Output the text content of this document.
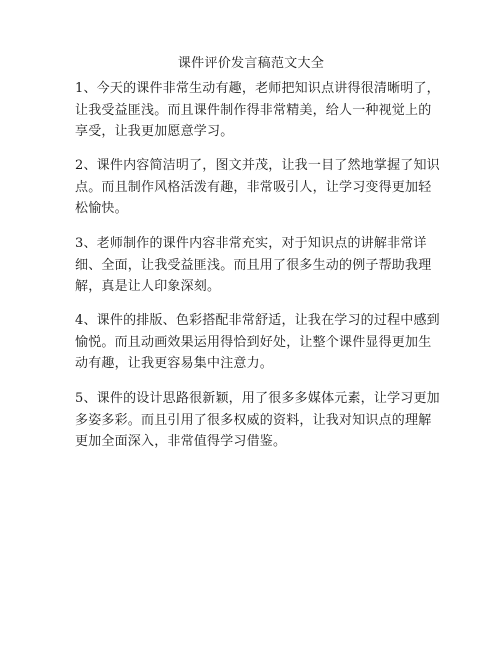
课件评价发言稿范文大全

1、今天的课件非常生动有趣，老师把知识点讲得很清晰明了，让我受益匪浅。而且课件制作得非常精美，给人一种视觉上的享受，让我更加愿意学习。

2、课件内容简洁明了，图文并茂，让我一目了然地掌握了知识点。而且制作风格活泼有趣，非常吸引人，让学习变得更加轻松愉快。

3、老师制作的课件内容非常充实，对于知识点的讲解非常详细、全面，让我受益匪浅。而且用了很多生动的例子帮助我理解，真是让人印象深刻。

4、课件的排版、色彩搭配非常舒适，让我在学习的过程中感到愉悦。而且动画效果运用得恰到好处，让整个课件显得更加生动有趣，让我更容易集中注意力。

5、课件的设计思路很新颖，用了很多多媒体元素，让学习更加多姿多彩。而且引用了很多权威的资料，让我对知识点的理解更加全面深入，非常值得学习借鉴。
